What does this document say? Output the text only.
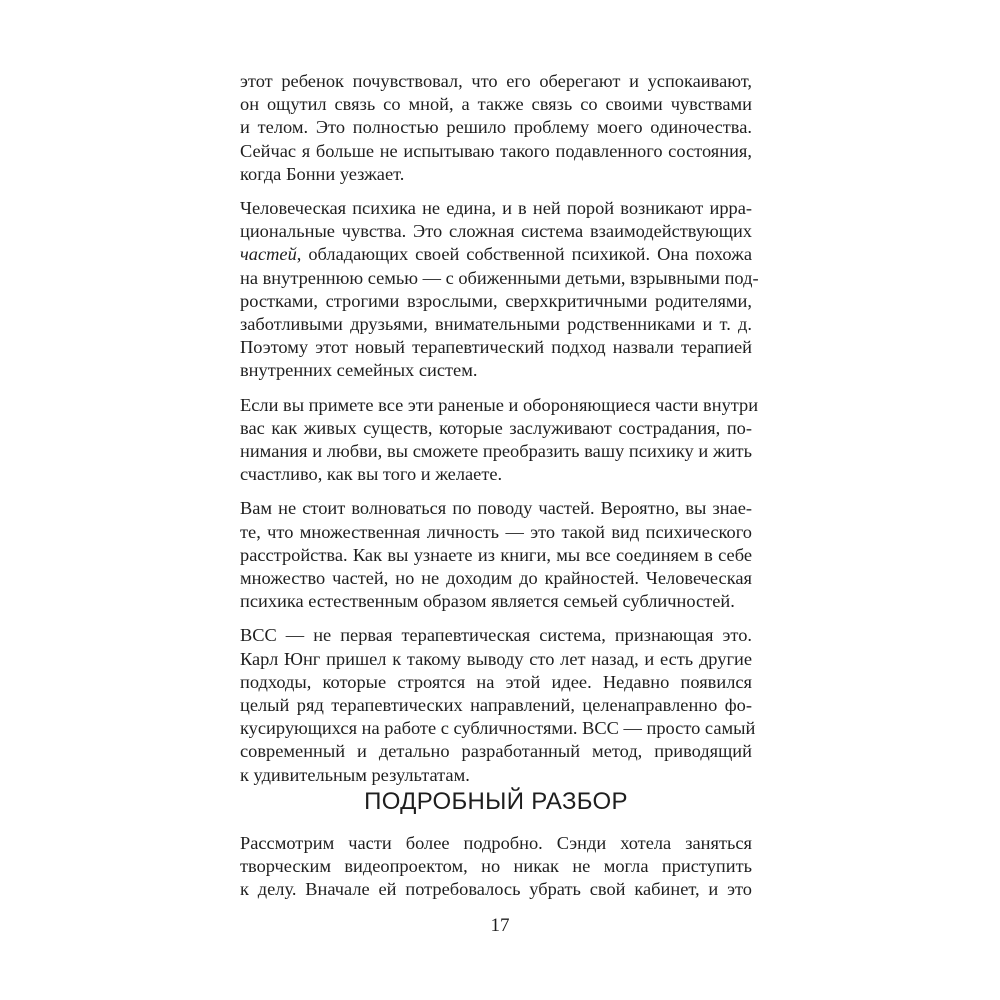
этот ребенок почувствовал, что его оберегают и успокаивают,
он ощутил связь со мной, а также связь со своими чувствами
и телом. Это полностью решило проблему моего одиночества.
Сейчас я больше не испытываю такого подавленного состояния,
когда Бонни уезжает.

Человеческая психика не едина, и в ней порой возникают ирра-
циональные чувства. Это сложная система взаимодействующих
частей, обладающих своей собственной психикой. Она похожа
на внутреннюю семью — с обиженными детьми, взрывными под-
ростками, строгими взрослыми, сверхкритичными родителями,
заботливыми друзьями, внимательными родственниками и т. д.
Поэтому этот новый терапевтический подход назвали терапией
внутренних семейных систем.

Если вы примете все эти раненые и обороняющиеся части внутри
вас как живых существ, которые заслуживают сострадания, по-
нимания и любви, вы сможете преобразить вашу психику и жить
счастливо, как вы того и желаете.

Вам не стоит волноваться по поводу частей. Вероятно, вы знае-
те, что множественная личность — это такой вид психического
расстройства. Как вы узнаете из книги, мы все соединяем в себе
множество частей, но не доходим до крайностей. Человеческая
психика естественным образом является семьей субличностей.

ВСС — не первая терапевтическая система, признающая это.
Карл Юнг пришел к такому выводу сто лет назад, и есть другие
подходы, которые строятся на этой идее. Недавно появился
целый ряд терапевтических направлений, целенаправленно фо-
кусирующихся на работе с субличностями. ВСС — просто самый
современный и детально разработанный метод, приводящий
к удивительным результатам.

ПОДРОБНЫЙ РАЗБОР

Рассмотрим части более подробно. Сэнди хотела заняться
творческим видеопроектом, но никак не могла приступить
к делу. Вначале ей потребовалось убрать свой кабинет, и это

17
